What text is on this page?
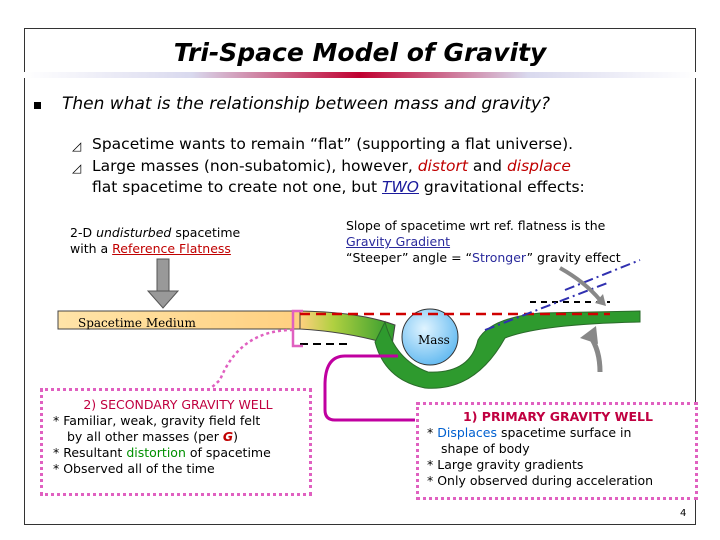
Tri-Space Model of Gravity
Then what is the relationship between mass and gravity?
◿ Spacetime wants to remain “flat” (supporting a flat universe).
◿ Large masses (non-subatomic), however, distort and displace
flat spacetime to create not one, but TWO gravitational effects:
2-D undisturbed spacetime
with a Reference Flatness
Slope of spacetime wrt ref. flatness is the
Gravity Gradient
“Steeper” angle = “Stronger” gravity effect
Spacetime Medium
Mass
2) SECONDARY GRAVITY WELL
* Familiar, weak, gravity field felt
by all other masses (per G)
* Resultant distortion of spacetime
* Observed all of the time
1) PRIMARY GRAVITY WELL
* Displaces spacetime surface in
shape of body
* Large gravity gradients
* Only observed during acceleration
4
